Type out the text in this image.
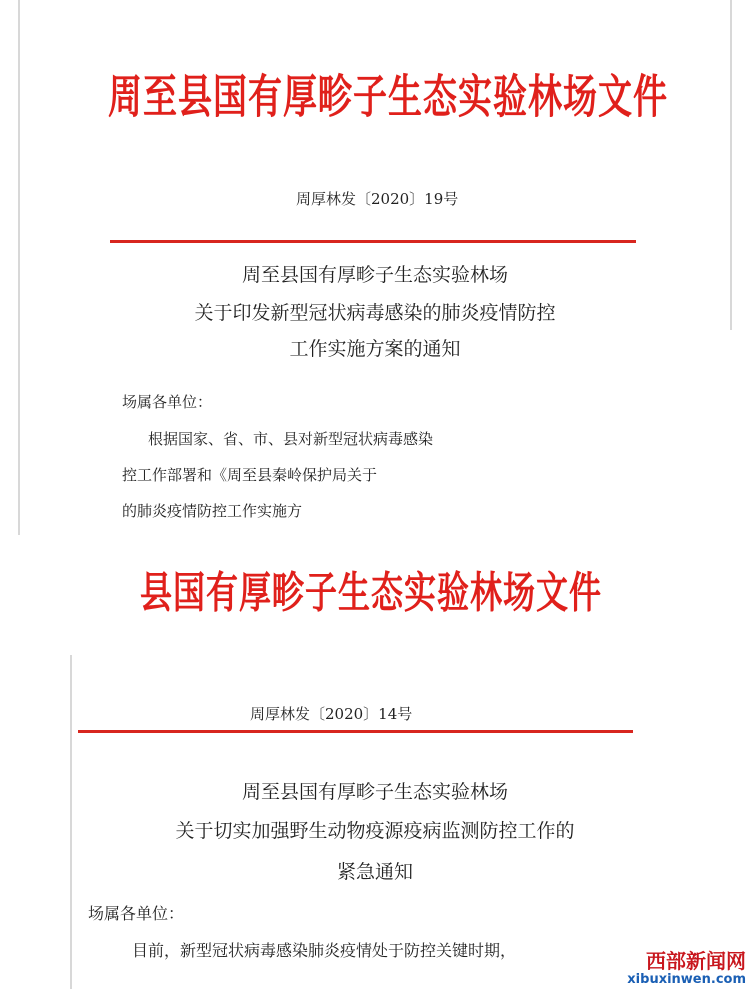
周至县国有厚畛子生态实验林场文件
周厚林发〔2020〕19号
周至县国有厚畛子生态实验林场
关于印发新型冠状病毒感染的肺炎疫情防控
工作实施方案的通知
场属各单位：
根据国家、省、市、县对新型冠状病毒感染
控工作部署和《周至县秦岭保护局关于
的肺炎疫情防控工作实施方
县国有厚畛子生态实验林场文件
周厚林发〔2020〕14号
周至县国有厚畛子生态实验林场
关于切实加强野生动物疫源疫病监测防控工作的
紧急通知
场属各单位：
目前，新型冠状病毒感染肺炎疫情处于防控关键时期，	西部新闻网
xibuxinwen.com
